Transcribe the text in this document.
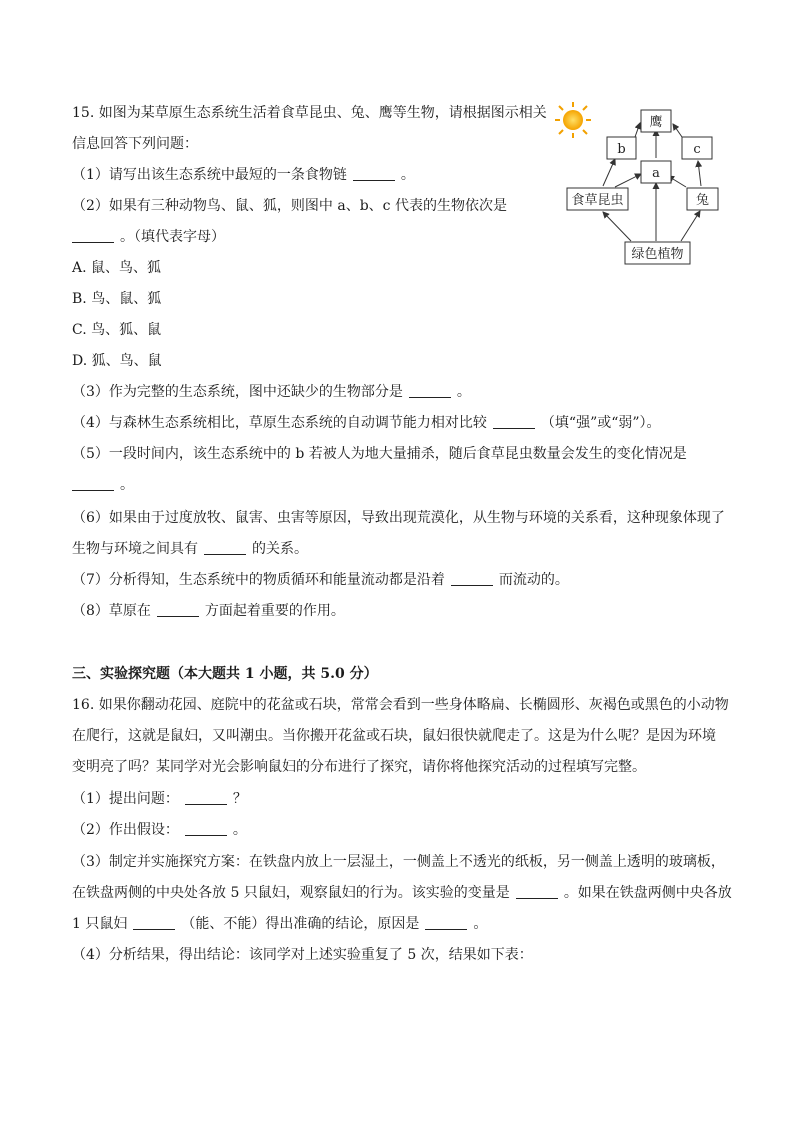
15. 如图为某草原生态系统生活着食草昆虫、兔、鹰等生物，请根据图示相关
信息回答下列问题：
（1）请写出该生态系统中最短的一条食物链	。
（2）如果有三种动物鸟、鼠、狐，则图中 a、b、c 代表的生物依次是
。（填代表字母）
A. 鼠、鸟、狐
B. 鸟、鼠、狐
C. 鸟、狐、鼠
D. 狐、鸟、鼠
（3）作为完整的生态系统，图中还缺少的生物部分是	。
（4）与森林生态系统相比，草原生态系统的自动调节能力相对比较	（填“强”或“弱”）。
（5）一段时间内，该生态系统中的 b 若被人为地大量捕杀，随后食草昆虫数量会发生的变化情况是
。
（6）如果由于过度放牧、鼠害、虫害等原因，导致出现荒漠化，从生物与环境的关系看，这种现象体现了
生物与环境之间具有	的关系。
（7）分析得知，生态系统中的物质循环和能量流动都是沿着	而流动的。
（8）草原在	方面起着重要的作用。
三、实验探究题（本大题共 1 小题，共 5.0 分）
16. 如果你翻动花园、庭院中的花盆或石块，常常会看到一些身体略扁、长椭圆形、灰褐色或黑色的小动物
在爬行，这就是鼠妇，又叫潮虫。当你搬开花盆或石块，鼠妇很快就爬走了。这是为什么呢？是因为环境
变明亮了吗？某同学对光会影响鼠妇的分布进行了探究，请你将他探究活动的过程填写完整。
（1）提出问题：	？
（2）作出假设：	。
（3）制定并实施探究方案：在铁盘内放上一层湿土，一侧盖上不透光的纸板，另一侧盖上透明的玻璃板，
在铁盘两侧的中央处各放 5 只鼠妇，观察鼠妇的行为。该实验的变量是	。如果在铁盘两侧中央各放
1 只鼠妇	（能、不能）得出准确的结论，原因是	。
（4）分析结果，得出结论：该同学对上述实验重复了 5 次，结果如下表：
鹰
b	c
a
食草昆虫	兔
绿色植物
